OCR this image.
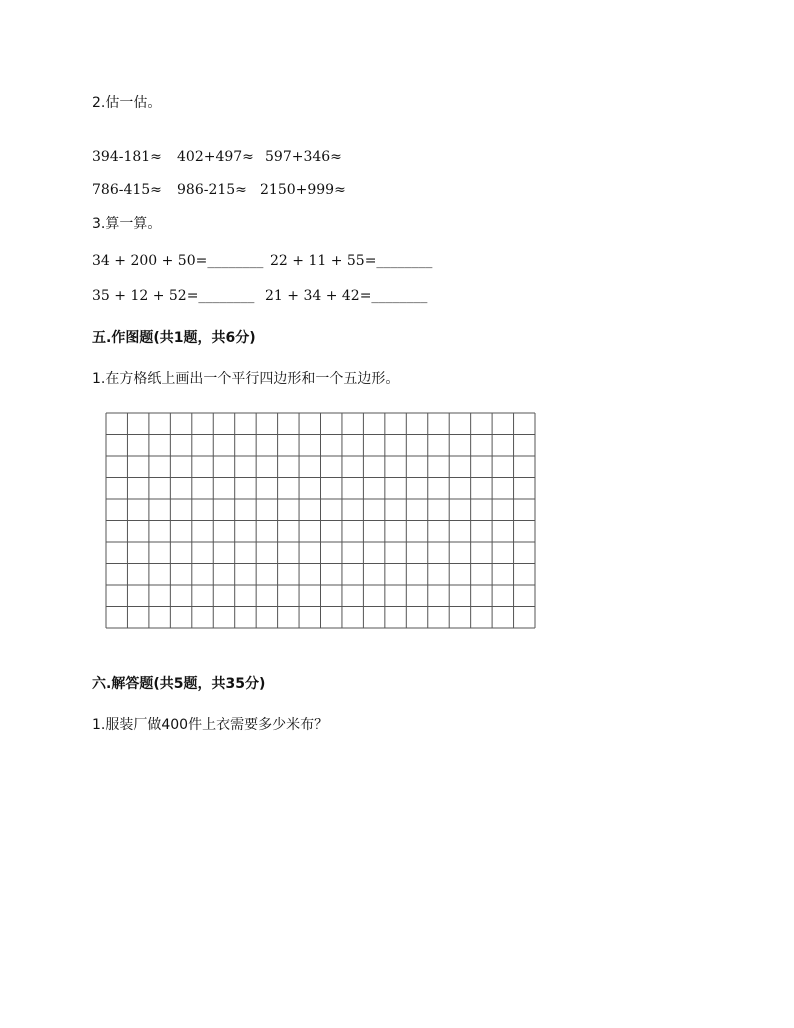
2.估一估。
394-181≈ 402+497≈ 597+346≈
786-415≈ 986-215≈ 2150+999≈
3.算一算。
34 + 200 + 50=________ 22 + 11 + 55=________
35 + 12 + 52=________ 21 + 34 + 42=________
五.作图题(共1题，共6分)
1.在方格纸上画出一个平行四边形和一个五边形。
六.解答题(共5题，共35分)
1.服装厂做400件上衣需要多少米布？
